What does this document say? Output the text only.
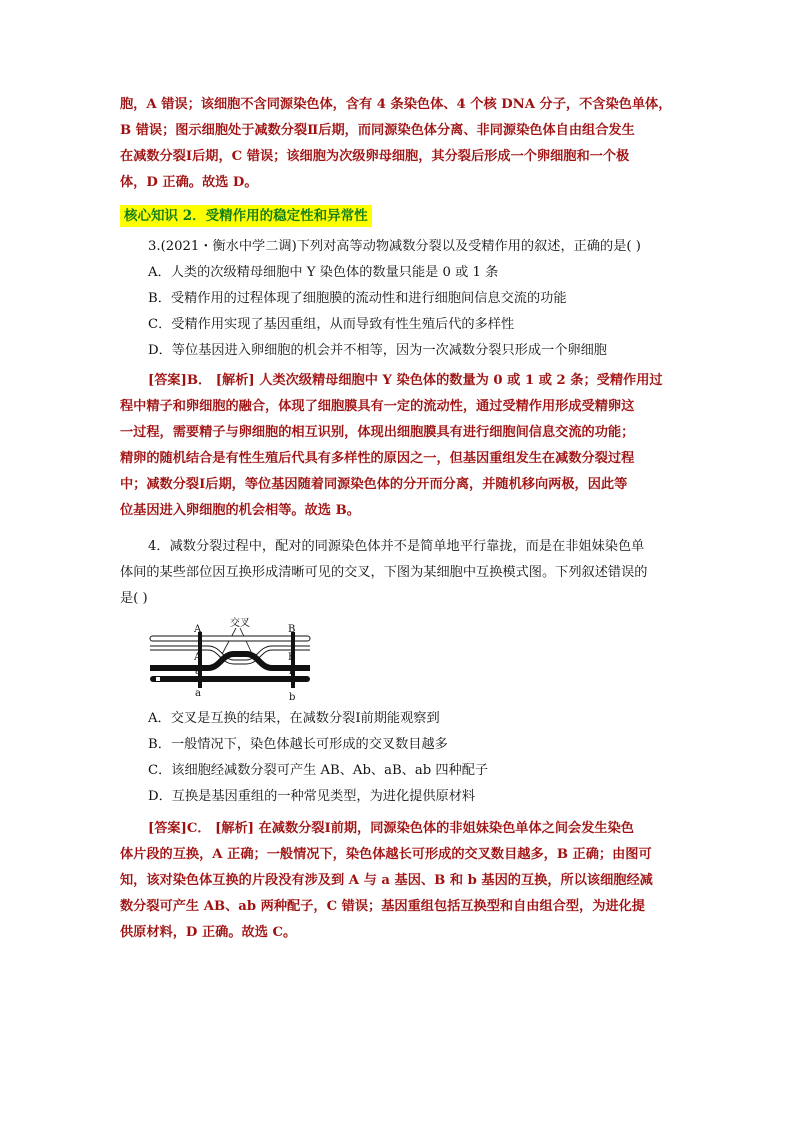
胞，A 错误；该细胞不含同源染色体，含有 4 条染色体、4 个核 DNA 分子，不含染色单体，
B 错误；图示细胞处于减数分裂Ⅱ后期，而同源染色体分离、非同源染色体自由组合发生
在减数分裂Ⅰ后期，C 错误；该细胞为次级卵母细胞，其分裂后形成一个卵细胞和一个极
体，D 正确。故选 D。
核心知识 2．受精作用的稳定性和异常性
3.(2021・衡水中学二调)下列对高等动物减数分裂以及受精作用的叙述，正确的是( )
A．人类的次级精母细胞中 Y 染色体的数量只能是 0 或 1 条
B．受精作用的过程体现了细胞膜的流动性和进行细胞间信息交流的功能
C．受精作用实现了基因重组，从而导致有性生殖后代的多样性
D．等位基因进入卵细胞的机会并不相等，因为一次减数分裂只形成一个卵细胞
[答案]B． [解析] 人类次级精母细胞中 Y 染色体的数量为 0 或 1 或 2 条；受精作用过
程中精子和卵细胞的融合，体现了细胞膜具有一定的流动性，通过受精作用形成受精卵这
一过程，需要精子与卵细胞的相互识别，体现出细胞膜具有进行细胞间信息交流的功能；
精卵的随机结合是有性生殖后代具有多样性的原因之一，但基因重组发生在减数分裂过程
中；减数分裂Ⅰ后期，等位基因随着同源染色体的分开而分离，并随机移向两极，因此等
位基因进入卵细胞的机会相等。故选 B。
4．减数分裂过程中，配对的同源染色体并不是简单地平行靠拢，而是在非姐妹染色单
体间的某些部位因互换形成清晰可见的交叉，下图为某细胞中互换模式图。下列叙述错误的
是( )
交叉
A
A
a
a
B
B
b
b
A．交叉是互换的结果，在减数分裂Ⅰ前期能观察到
B．一般情况下，染色体越长可形成的交叉数目越多
C．该细胞经减数分裂可产生 AB、Ab、aB、ab 四种配子
D．互换是基因重组的一种常见类型，为进化提供原材料
[答案]C． [解析] 在减数分裂Ⅰ前期，同源染色体的非姐妹染色单体之间会发生染色
体片段的互换，A 正确；一般情况下，染色体越长可形成的交叉数目越多，B 正确；由图可
知，该对染色体互换的片段没有涉及到 A 与 a 基因、B 和 b 基因的互换，所以该细胞经减
数分裂可产生 AB、ab 两种配子，C 错误；基因重组包括互换型和自由组合型，为进化提
供原材料，D 正确。故选 C。
